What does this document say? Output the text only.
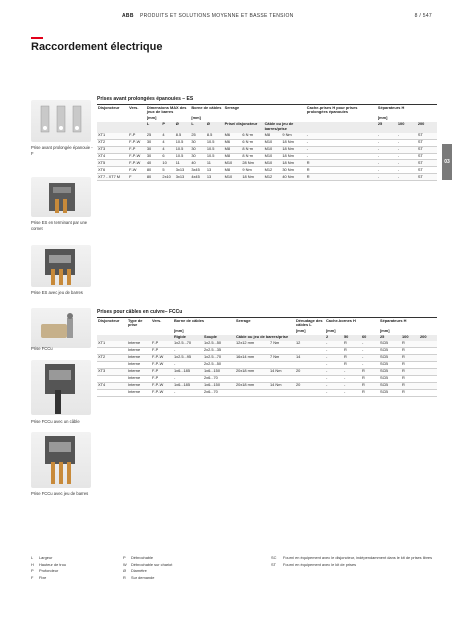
ABB PRODUITS ET SOLUTIONS MOYENNE ET BASSE TENSION	8 / 547
Raccordement électrique
03
Prise avant prolongée épanouie - F
Prise ES en terminant par une cornet
Prise ES avec jeu de barres
Prise FCCu
Prise FCCu avec un câble
Prise FCCu avec jeu de barres
Prises avant prolongées épanouies – ES
Disjoncteur	Vers.	Dimensions MAX des jeux de barres			Borne de câbles		Serrage				Cache-prises H pour prises prolongées épanouies	Séparateurs H		
		[mm]			[mm]							[mm]		
		L	P	Ø	L	Ø	Prise/ disjoncteur		Câble ou jeu de barres/prise			25	100	200
XT1	F-P	25	4	8.5	25	8.5	M6	6 N·m	M8	9 Nm	-	-	-	ST
XT2	F-P-W	30	4	10.5	30	10.5	M6	6 N·m	M10	18 Nm	-	-	-	ST
XT3	F-P	30	4	10.5	30	10.5	M8	8 N·m	M10	18 Nm	-	-	-	ST
XT4	F-P-W	30	6	10.5	30	10.5	M8	8 N·m	M10	18 Nm	-	-	-	ST
XT5	F-P-W	40	10	11	40	11	M10	28 Nm	M10	18 Nm	R	-	-	ST
XT6	F-W	80	5	3x13	3x45	13	M8	9 Nm	M12	30 Nm	R	-	-	ST
XT7 - XT7 M	F	80	2x10	3x13	4x45	13	M10	18 Nm	M12	40 Nm	R	-	-	ST
Prises pour câbles en cuivre– FCCu
Disjoncteur	Type de prise	Vers.	Borne de câbles		Serrage		Dénudage des câbles L	Cache-bornes H			Séparateurs H		
			[mm]				[mm]	[mm]			[mm]		
			Rigide	Souple	Câble ou jeu de barres/prise			2	50	60	25	100	200
XT1	Interne	F-P	1x2.5...70	1x2.5...50	12x12 mm	7 Nm	12	-	R	-	SCB	R	
	Interne	F-P	-	2x2.5...35				-	R	-	SCB	R	
XT2	Interne	F-P-W	1x2.5...95	1x2.5...70	16x14 mm	7 Nm	14	-	R	-	SCB	R	
	Interne	F-P-W	-	2x2.5...50				-	R	-	SCB	R	
XT3	Interne	F-P	1x6...185	1x6...150	20x18 mm	14 Nm	20	-	-	R	SCB	R	
	Interne	F-P	-	2x6...70				-	-	R	SCB	R	
XT4	Interne	F-P-W	1x6...185	1x6...150	20x18 mm	14 Nm	20	-	-	R	SCB	R	
	Interne	F-P-W	-	2x6...70				-	-	R	SCB	R	
L Largeur
H Hauteur de trou
P Profondeur
F Fixe
P Débrochable
W Débrochable sur chariot
Ø Diamètre
R Sur demande
SC Fourni en équipement avec le disjoncteur, indépendamment dans le kit de prises libres
ST Fourni en équipement avec le kit de prises
